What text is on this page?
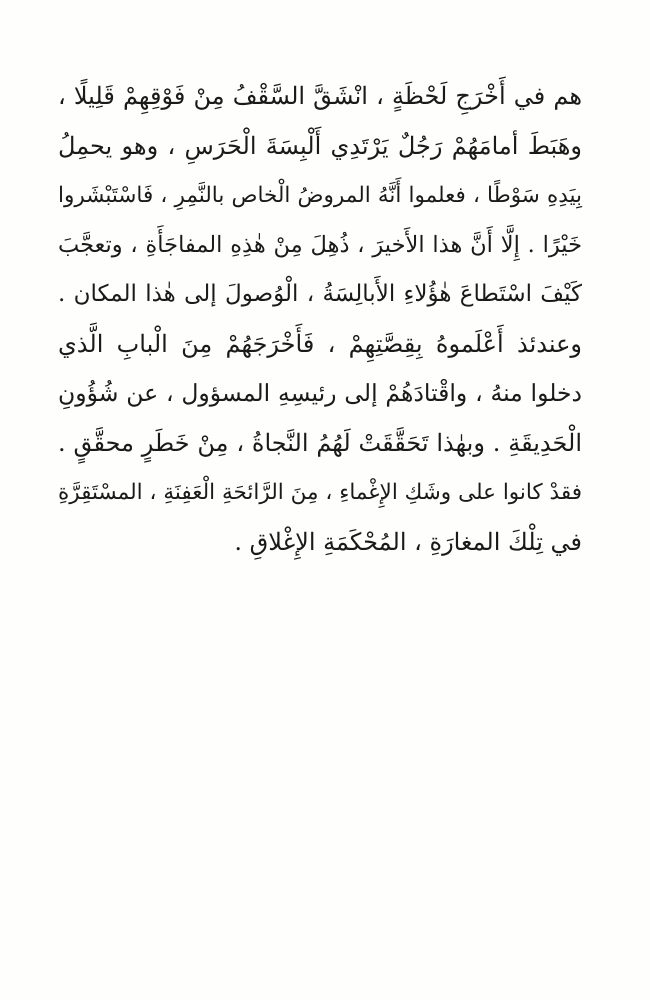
هم في أَخْرَجِ لَحْظَةٍ ، انْشَقَّ السَّقْفُ مِنْ فَوْقِهِمْ قَلِيلًا ،
وهَبَطَ أمامَهُمْ رَجُلٌ يَرْتَدِي أَلْبِسَةَ الْحَرَسِ ، وهو يحمِلُ
بِيَدِهِ سَوْطًا ، فعلموا أَنَّهُ المروضُ الْخاص بالنَّمِرِ ، فَاسْتَبْشَروا
خَيْرًا . إِلَّا أَنَّ هذا الأَخيرَ ، ذُهِلَ مِنْ هٰذِهِ المفاجَأَةِ ، وتعجَّبَ
كَيْفَ اسْتَطاعَ هٰؤُلاءِ الأَبالِسَةُ ، الْوُصولَ إلى هٰذا المكان .
وعندئذ أَعْلَموهُ بِقِصَّتِهِمْ ، فَأَخْرَجَهُمْ مِنَ الْبابِ الَّذي
دخلوا منهُ ، واقْتادَهُمْ إلى رئيسِهِ المسؤول ، عن شُؤُونِ
الْحَدِيقَةِ . وبهٰذا تَحَقَّقَتْ لَهُمُ النَّجاةُ ، مِنْ خَطَرٍ محقَّقٍ .
فقدْ كانوا على وشَكِ الإِغْماءِ ، مِنَ الرَّائحَةِ الْعَفِنَةِ ، المسْتَقِرَّةِ
في تِلْكَ المغارَةِ ، المُحْكَمَةِ الإِغْلاقِ .
